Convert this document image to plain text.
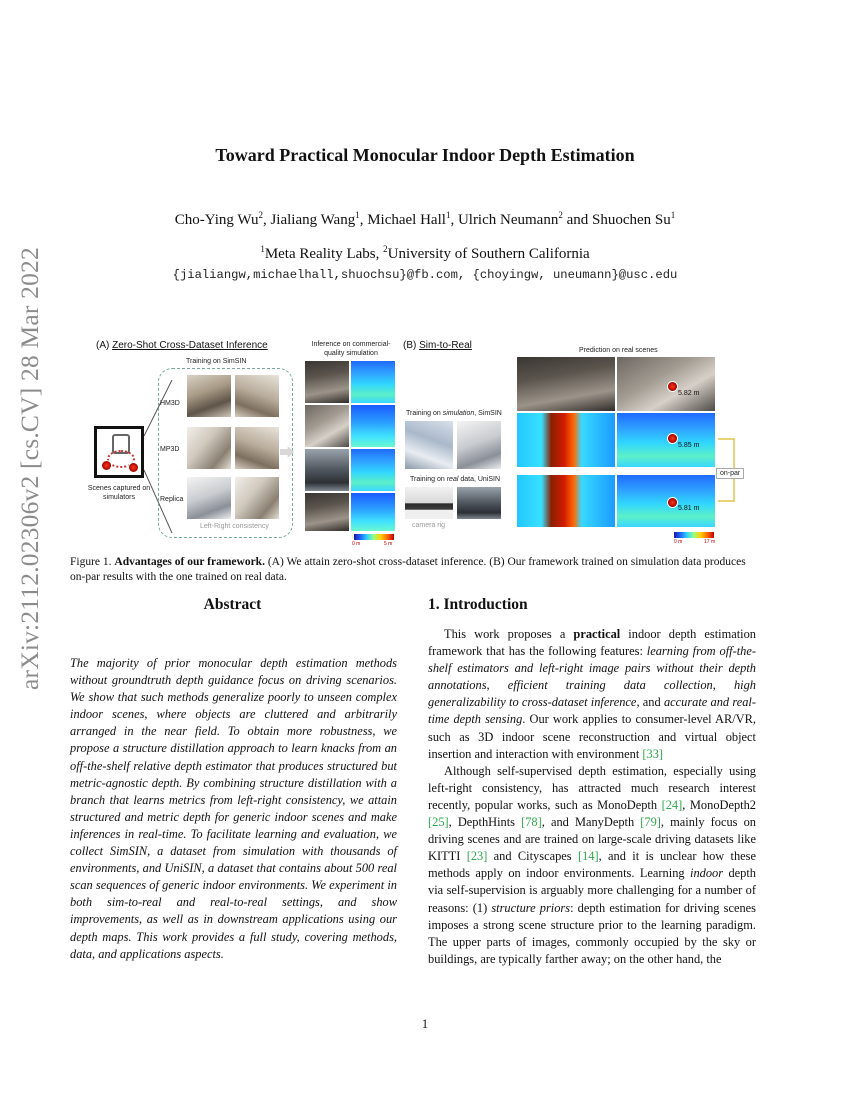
arXiv:2112.02306v2 [cs.CV] 28 Mar 2022
Toward Practical Monocular Indoor Depth Estimation
Cho-Ying Wu$^2$, Jialiang Wang$^1$, Michael Hall$^1$, Ulrich Neumann$^2$ and Shuochen Su$^1$
$^1$Meta Reality Labs, $^2$University of Southern California
{jialiangw,michaelhall,shuochsu}@fb.com, {choyingw, uneumann}@usc.edu
(A) Zero-Shot Cross-Dataset Inference
Training on SimSIN
Scenes captured on simulators
HM3D
MP3D
Replica
Left-Right consistency
Inference on commercial-quality simulation
0 m	5 m
(B) Sim-to-Real
Training on simulation, SimSIN
Training on real data, UniSIN
camera rig
Prediction on real scenes
5.82 m
5.85 m
5.81 m
on-par
0 m	17 m
Figure 1. Advantages of our framework. (A) We attain zero-shot cross-dataset inference. (B) Our framework trained on simulation data produces on-par results with the one trained on real data.
Abstract
The majority of prior monocular depth estimation methods without groundtruth depth guidance focus on driving scenarios. We show that such methods generalize poorly to unseen complex indoor scenes, where objects are cluttered and arbitrarily arranged in the near field. To obtain more robustness, we propose a structure distillation approach to learn knacks from an off-the-shelf relative depth estimator that produces structured but metric-agnostic depth. By combining structure distillation with a branch that learns metrics from left-right consistency, we attain structured and metric depth for generic indoor scenes and make inferences in real-time. To facilitate learning and evaluation, we collect SimSIN, a dataset from simulation with thousands of environments, and UniSIN, a dataset that contains about 500 real scan sequences of generic indoor environments. We experiment in both sim-to-real and real-to-real settings, and show improvements, as well as in downstream applications using our depth maps. This work provides a full study, covering methods, data, and applications aspects.
1. Introduction

This work proposes a practical indoor depth estimation framework that has the following features: learning from off-the-shelf estimators and left-right image pairs without their depth annotations, efficient training data collection, high generalizability to cross-dataset inference, and accurate and real-time depth sensing. Our work applies to consumer-level AR/VR, such as 3D indoor scene reconstruction and virtual object insertion and interaction with environment [33]

Although self-supervised depth estimation, especially using left-right consistency, has attracted much research interest recently, popular works, such as MonoDepth [24], MonoDepth2 [25], DepthHints [78], and ManyDepth [79], mainly focus on driving scenes and are trained on large-scale driving datasets like KITTI [23] and Cityscapes [14], and it is unclear how these methods apply on indoor environments. Learning indoor depth via self-supervision is arguably more challenging for a number of reasons: (1) structure priors: depth estimation for driving scenes imposes a strong scene structure prior to the learning paradigm. The upper parts of images, commonly occupied by the sky or buildings, are typically farther away; on the other hand, the

1
